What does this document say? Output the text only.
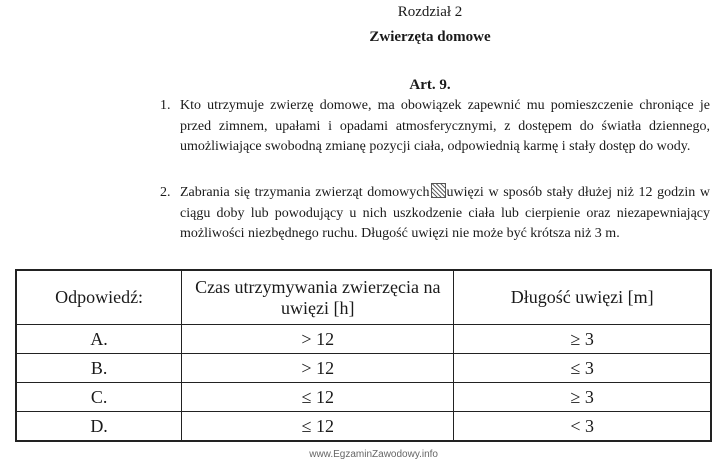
Rozdział 2
Zwierzęta domowe
Art. 9.
1. Kto utrzymuje zwierzę domowe, ma obowiązek zapewnić mu pomieszczenie chroniące je przed zimnem, upałami i opadami atmosferycznymi, z dostępem do światła dziennego, umożliwiające swobodną zmianę pozycji ciała, odpowiednią karmę i stały dostęp do wody.
2. Zabrania się trzymania zwierząt domowych uwięzi w sposób stały dłużej niż 12 godzin w ciągu doby lub powodujący u nich uszkodzenie ciała lub cierpienie oraz niezapewniający możliwości niezbędnego ruchu. Długość uwięzi nie może być krótsza niż 3 m.
Odpowiedź:	Czas utrzymywania zwierzęcia na uwięzi [h]	Długość uwięzi [m]
A.	> 12	≥ 3
B.	> 12	≤ 3
C.	≤ 12	≥ 3
D.	≤ 12	< 3
www.EgzaminZawodowy.info
